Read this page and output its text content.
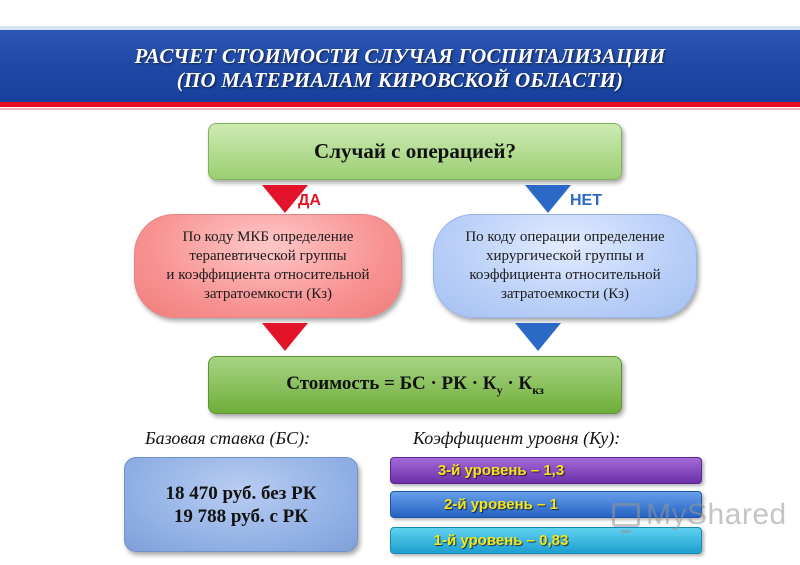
РАСЧЕТ СТОИМОСТИ СЛУЧАЯ ГОСПИТАЛИЗАЦИИ
(ПО МАТЕРИАЛАМ КИРОВСКОЙ ОБЛАСТИ)
Случай с операцией?
ДА	НЕТ
По коду МКБ определение
терапевтической группы
и коэффициента относительной
затратоемкости (Кз)
По коду операции определение
хирургической группы и
коэффициента относительной
затратоемкости (Кз)
Стоимость = БС · РК · $К_у \cdot К_{кз}$
Базовая ставка (БС):	Коэффициент уровня (Ку):
18 470 руб. без РК
19 788 руб. с РК
3-й уровень – 1,3
2-й уровень – 1
1-й уровень – 0,83
MyShared
